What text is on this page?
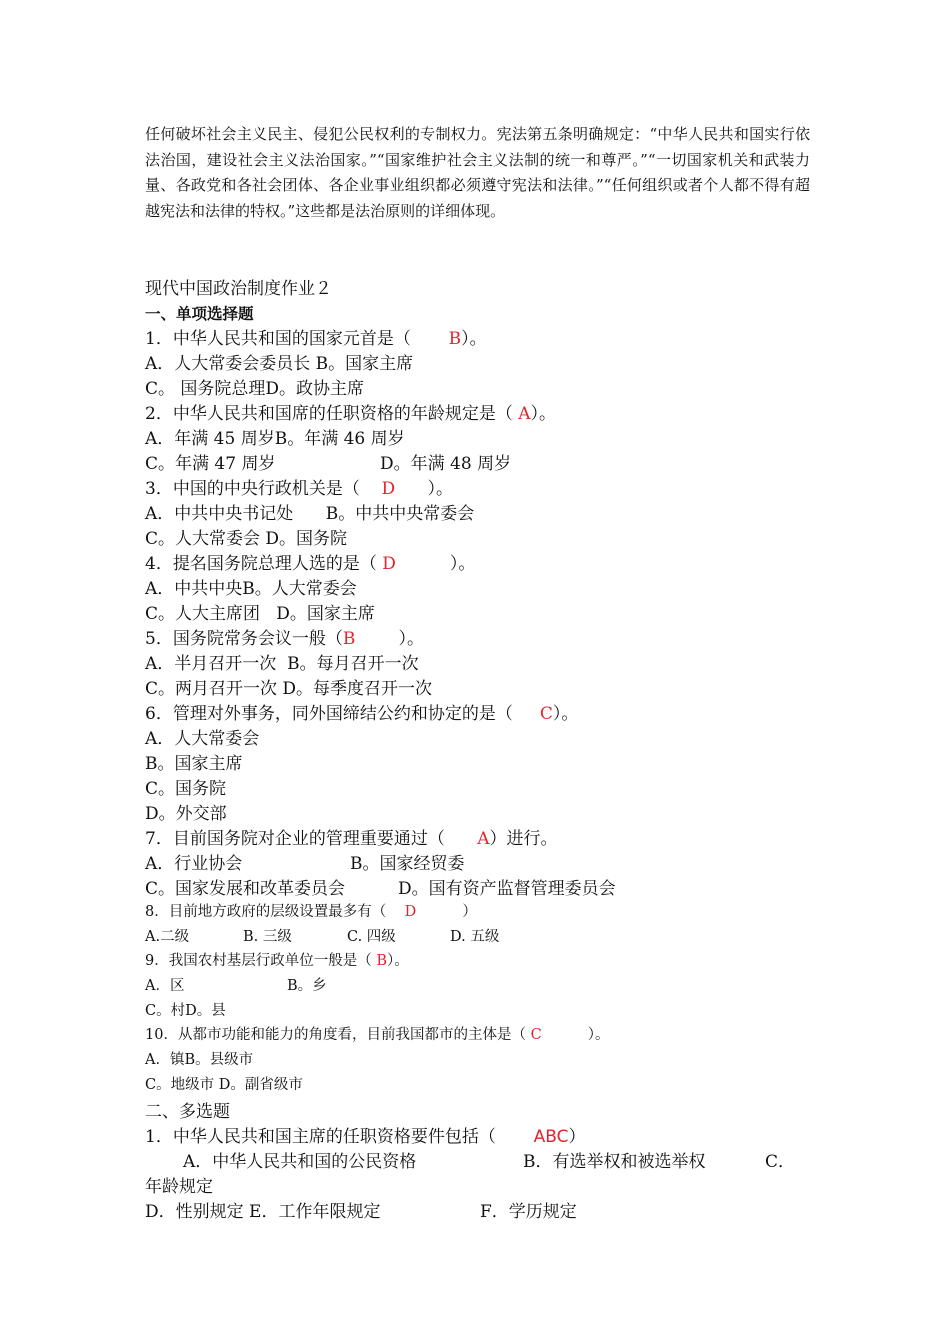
任何破坏社会主义民主、侵犯公民权利的专制权力。宪法第五条明确规定：“中华人民共和国实行依法治国，建设社会主义法治国家。”“国家维护社会主义法制的统一和尊严。”“一切国家机关和武装力量、各政党和各社会团体、各企业事业组织都必须遵守宪法和法律。”“任何组织或者个人都不得有超越宪法和法律的特权。”这些都是法治原则的详细体现。

现代中国政治制度作业２
一、单项选择题
1．中华人民共和国的国家元首是（       B）。
A．人大常委会委员长 B。国家主席
C。 国务院总理D。政协主席
2．中华人民共和国席的任职资格的年龄规定是（ A）。
A．年满 45 周岁B。年满 46 周岁
C。年满 47 周岁	D。年满 48 周岁
3．中国的中央行政机关是（    D      ）。
A．中共中央书记处      B。中共中央常委会
C。人大常委会 D。国务院
4．提名国务院总理人选的是（ D          ）。
A．中共中央B。人大常委会
C。人大主席团   D。国家主席
5．国务院常务会议一般（B        ）。
A．半月召开一次  B。每月召开一次
C。两月召开一次 D。每季度召开一次
6．管理对外事务，同外国缔结公约和协定的是（     C）。
A．人大常委会
B。国家主席
C。国务院
D。外交部
7．目前国务院对企业的管理重要通过（      A）进行。
A．行业协会	B。国家经贸委
C。国家发展和改革委员会	D。国有资产监督管理委员会
8．目前地方政府的层级设置最多有（    D          ）
A.二级	B. 三级	C. 四级	D. 五级
9．我国农村基层行政单位一般是（ B）。
A．区	B。乡
C。村D。县
10．从都市功能和能力的角度看，目前我国都市的主体是（ C          ）。
A．镇B。县级市
C。地级市 D。副省级市
二、多选题
1．中华人民共和国主席的任职资格要件包括（       ABC）
A．中华人民共和国的公民资格	B．有选举权和被选举权	C．
年龄规定
D．性别规定 E．工作年限规定	F．学历规定
